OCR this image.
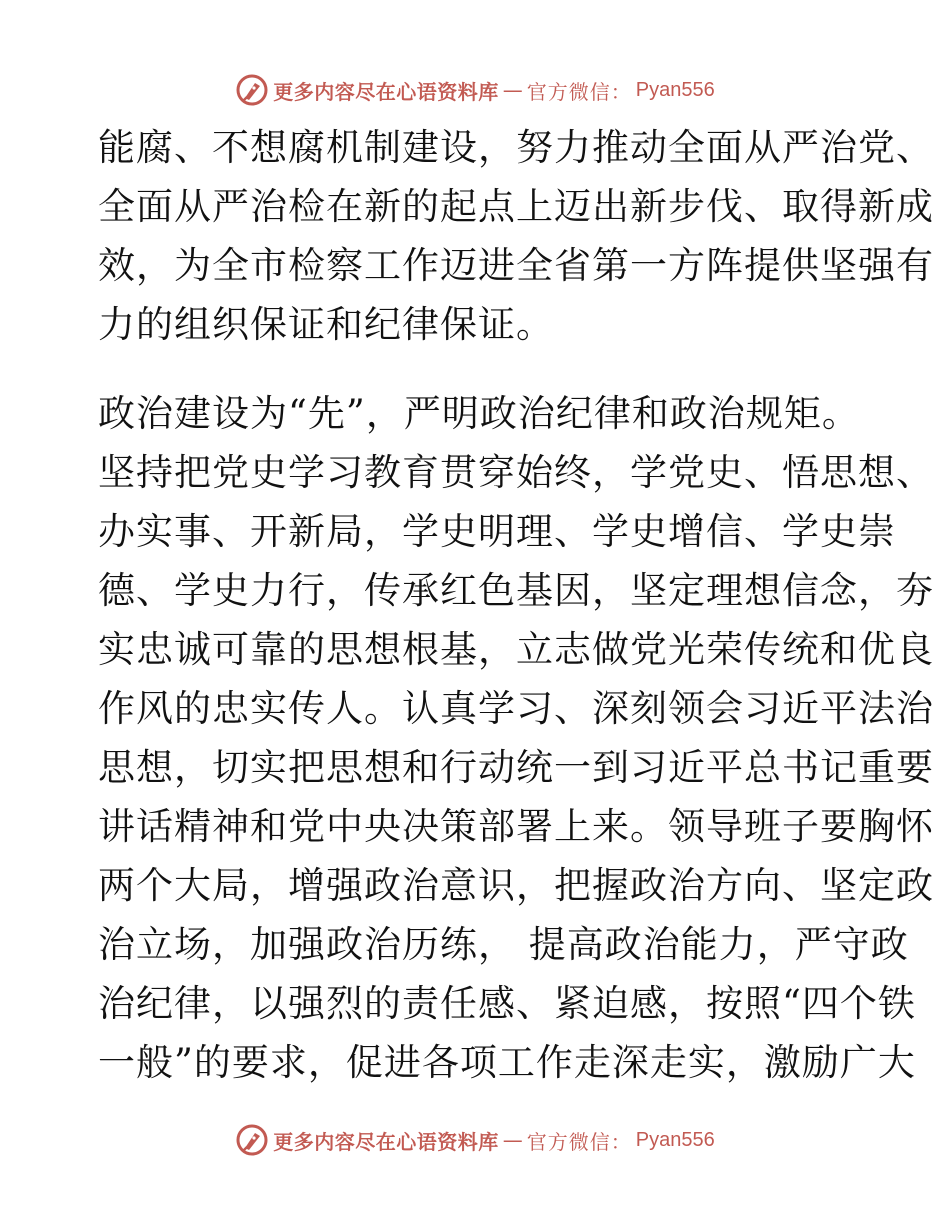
更多内容尽在心语资料库 — 官方微信： Pyan556
能腐、不想腐机制建设，努力推动全面从严治党、
全面从严治检在新的起点上迈出新步伐、取得新成
效，为全市检察工作迈进全省第一方阵提供坚强有
力的组织保证和纪律保证。
政治建设为“先”，严明政治纪律和政治规矩。
坚持把党史学习教育贯穿始终，学党史、悟思想、
办实事、开新局，学史明理、学史增信、学史崇
德、学史力行，传承红色基因，坚定理想信念，夯
实忠诚可靠的思想根基，立志做党光荣传统和优良
作风的忠实传人。认真学习、深刻领会习近平法治
思想，切实把思想和行动统一到习近平总书记重要
讲话精神和党中央决策部署上来。领导班子要胸怀
两个大局，增强政治意识，把握政治方向、坚定政
治立场，加强政治历练， 提高政治能力，严守政
治纪律，以强烈的责任感、紧迫感，按照“四个铁
一般”的要求，促进各项工作走深走实，激励广大
更多内容尽在心语资料库 — 官方微信： Pyan556
